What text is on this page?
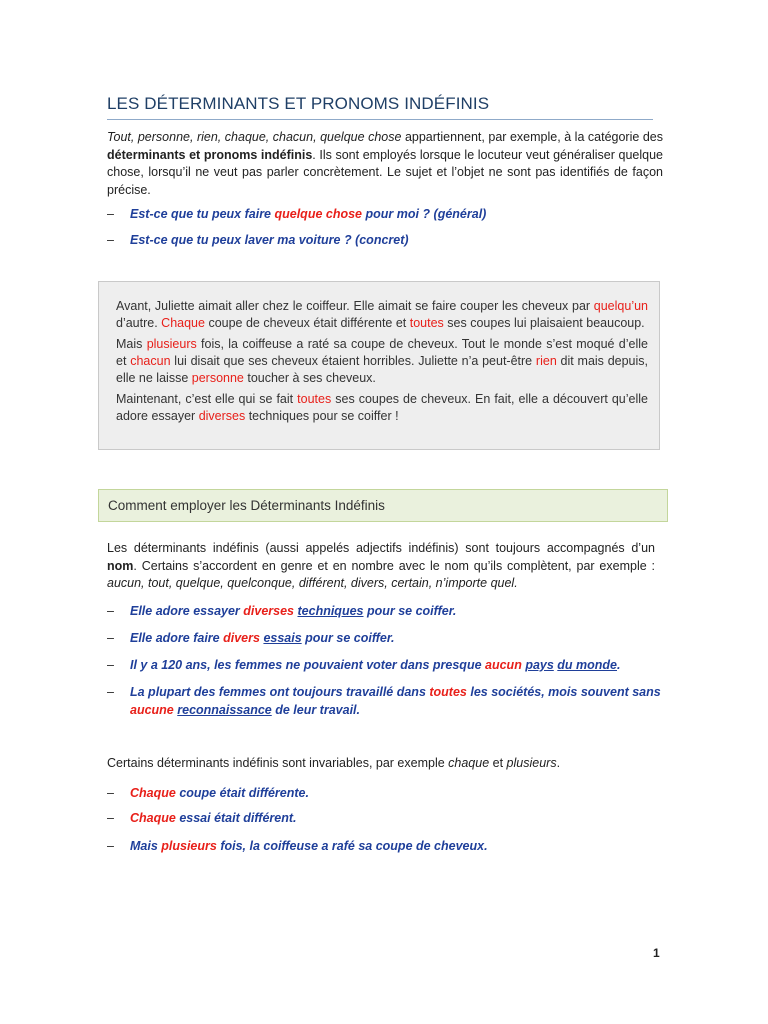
LES DÉTERMINANTS ET PRONOMS INDÉFINIS
Tout, personne, rien, chaque, chacun, quelque chose appartiennent, par exemple, à la catégorie des déterminants et pronoms indéfinis. Ils sont employés lorsque le locuteur veut généraliser quelque chose, lorsqu’il ne veut pas parler concrètement. Le sujet et l’objet ne sont pas identifiés de façon précise.
– Est-ce que tu peux faire quelque chose pour moi ? (général)
– Est-ce que tu peux laver ma voiture ? (concret)

Avant, Juliette aimait aller chez le coiffeur. Elle aimait se faire couper les cheveux par quelqu’un d’autre. Chaque coupe de cheveux était différente et toutes ses coupes lui plaisaient beaucoup.

Mais plusieurs fois, la coiffeuse a raté sa coupe de cheveux. Tout le monde s’est moqué d’elle et chacun lui disait que ses cheveux étaient horribles. Juliette n’a peut-être rien dit mais depuis, elle ne laisse personne toucher à ses cheveux.

Maintenant, c’est elle qui se fait toutes ses coupes de cheveux. En fait, elle a découvert qu’elle adore essayer diverses techniques pour se coiffer !

Comment employer les Déterminants Indéfinis
Les déterminants indéfinis (aussi appelés adjectifs indéfinis) sont toujours accompagnés d’un nom. Certains s’accordent en genre et en nombre avec le nom qu’ils complètent, par exemple : aucun, tout, quelque, quelconque, différent, divers, certain, n’importe quel.
– Elle adore essayer diverses techniques pour se coiffer.
– Elle adore faire divers essais pour se coiffer.
– Il y a 120 ans, les femmes ne pouvaient voter dans presque aucun pays du monde.
– La plupart des femmes ont toujours travaillé dans toutes les sociétés, mois souvent sans aucune reconnaissance de leur travail.
Certains déterminants indéfinis sont invariables, par exemple chaque et plusieurs.
– Chaque coupe était différente.
– Chaque essai était différent.
– Mais plusieurs fois, la coiffeuse a rafé sa coupe de cheveux.
1
